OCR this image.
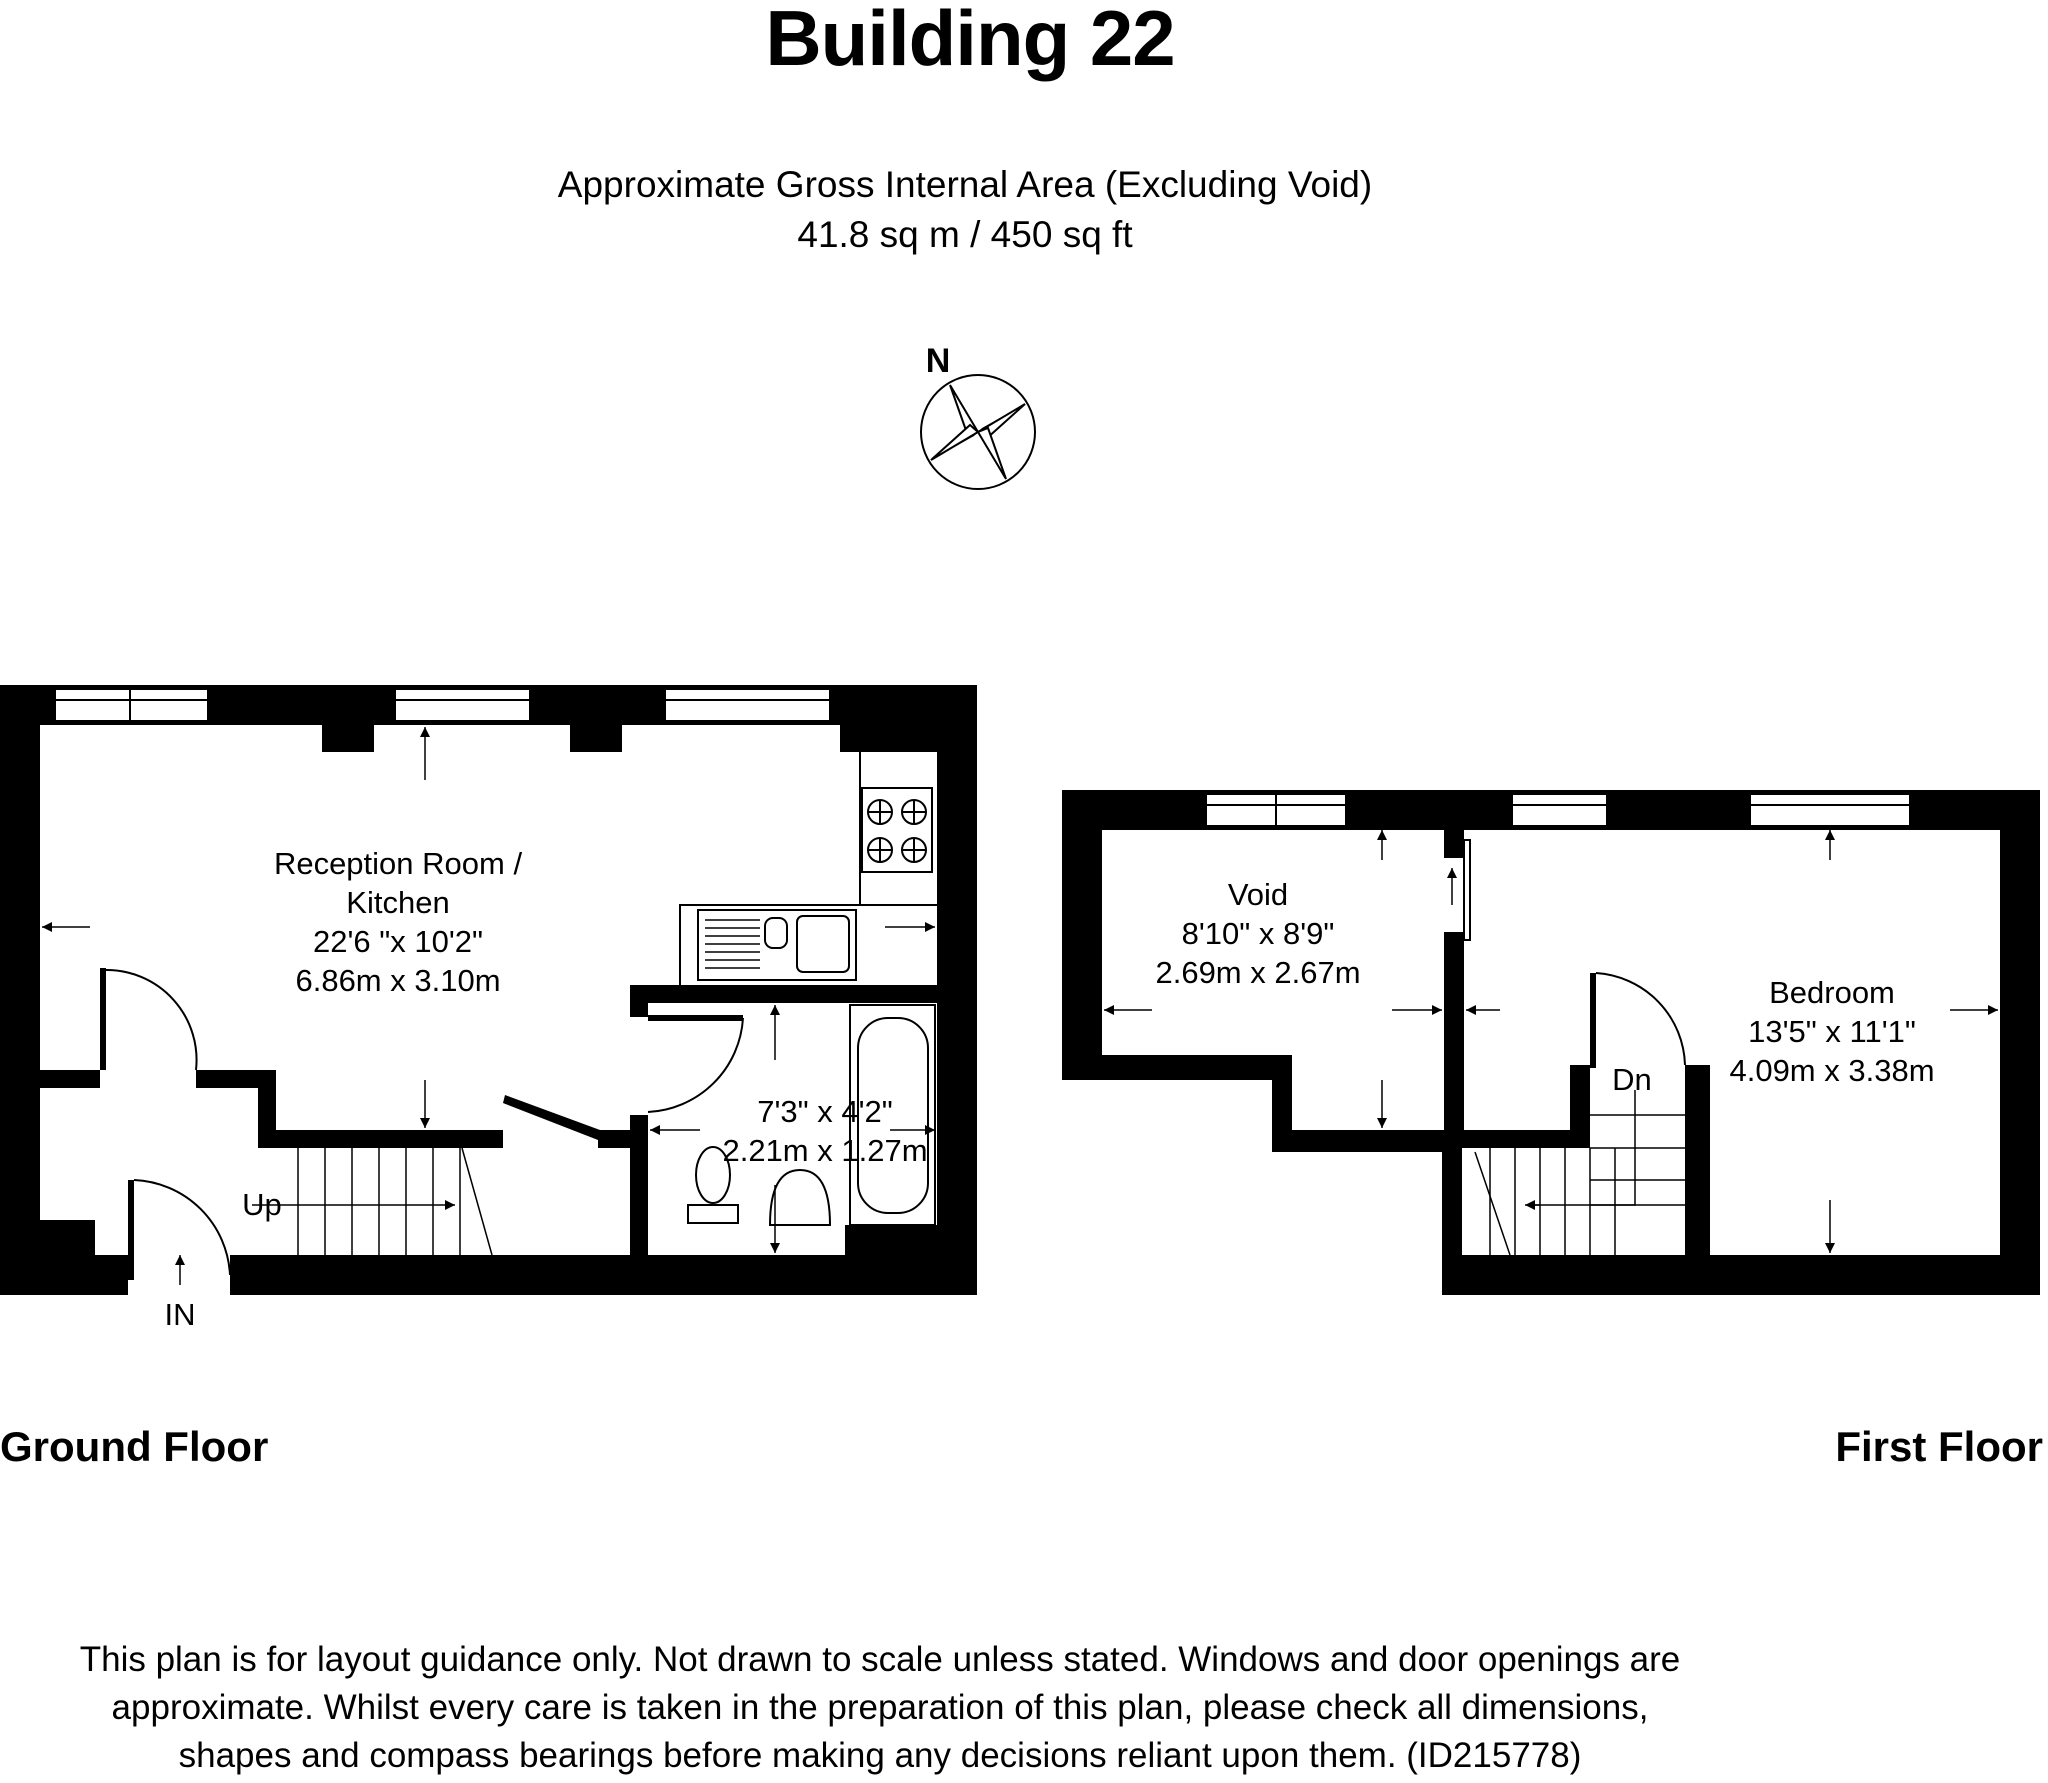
Building 22
Approximate Gross Internal Area (Excluding Void)
41.8 sq m / 450 sq ft
N
Reception Room /
Kitchen
22'6 "x 10'2"
6.86m x 3.10m
7'3" x 4'2"
2.21m x 1.27m
Up
IN
Void
8'10" x 8'9"
2.69m x 2.67m
Bedroom
13'5" x 11'1"
4.09m x 3.38m
Dn
Ground Floor	First Floor
This plan is for layout guidance only. Not drawn to scale unless stated. Windows and door openings are
approximate. Whilst every care is taken in the preparation of this plan, please check all dimensions,
shapes and compass bearings before making any decisions reliant upon them. (ID215778)
